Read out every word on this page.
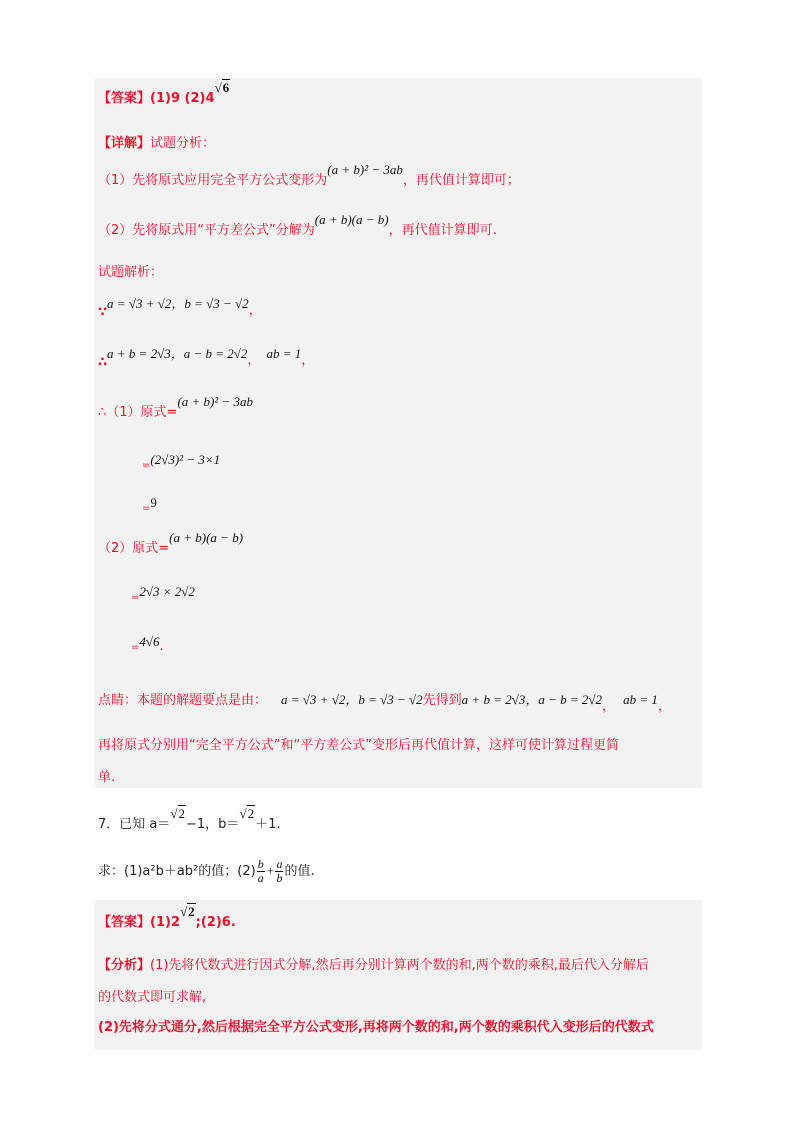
【答案】(1)9 (2)4√6
【详解】试题分析：
（1）先将原式应用完全平方公式变形为(a + b)² − 3ab，再代值计算即可；
（2）先将原式用“平方差公式”分解为(a + b)(a − b)，再代值计算即可.
试题解析：
∵a = √3 + √2，b = √3 − √2，
∴a + b = 2√3，a − b = 2√2， ab = 1，
∴（1）原式=(a + b)² − 3ab
$_=$(2√3)² − 3×1
$_=$9
（2）原式=(a + b)(a − b)
$_=$2√3 × 2√2
$_=$4√6.
点睛：本题的解题要点是由： a = √3 + √2，b = √3 − √2先得到a + b = 2√3，a − b = 2√2， ab = 1，
再将原式分别用“完全平方公式”和“平方差公式”变形后再代值计算，这样可使计算过程更简
单.
7．已知 a＝√2−1，b＝√2＋1.
求：(1)a²b＋ab²的值；$(2) \frac{b}{a} + \frac{a}{b}$ 的值.
【答案】(1)2√2;(2)6.
【分析】(1)先将代数式进行因式分解,然后再分别计算两个数的和,两个数的乘积,最后代入分解后
的代数式即可求解,
(2)先将分式通分,然后根据完全平方公式变形,再将两个数的和,两个数的乘积代入变形后的代数式
